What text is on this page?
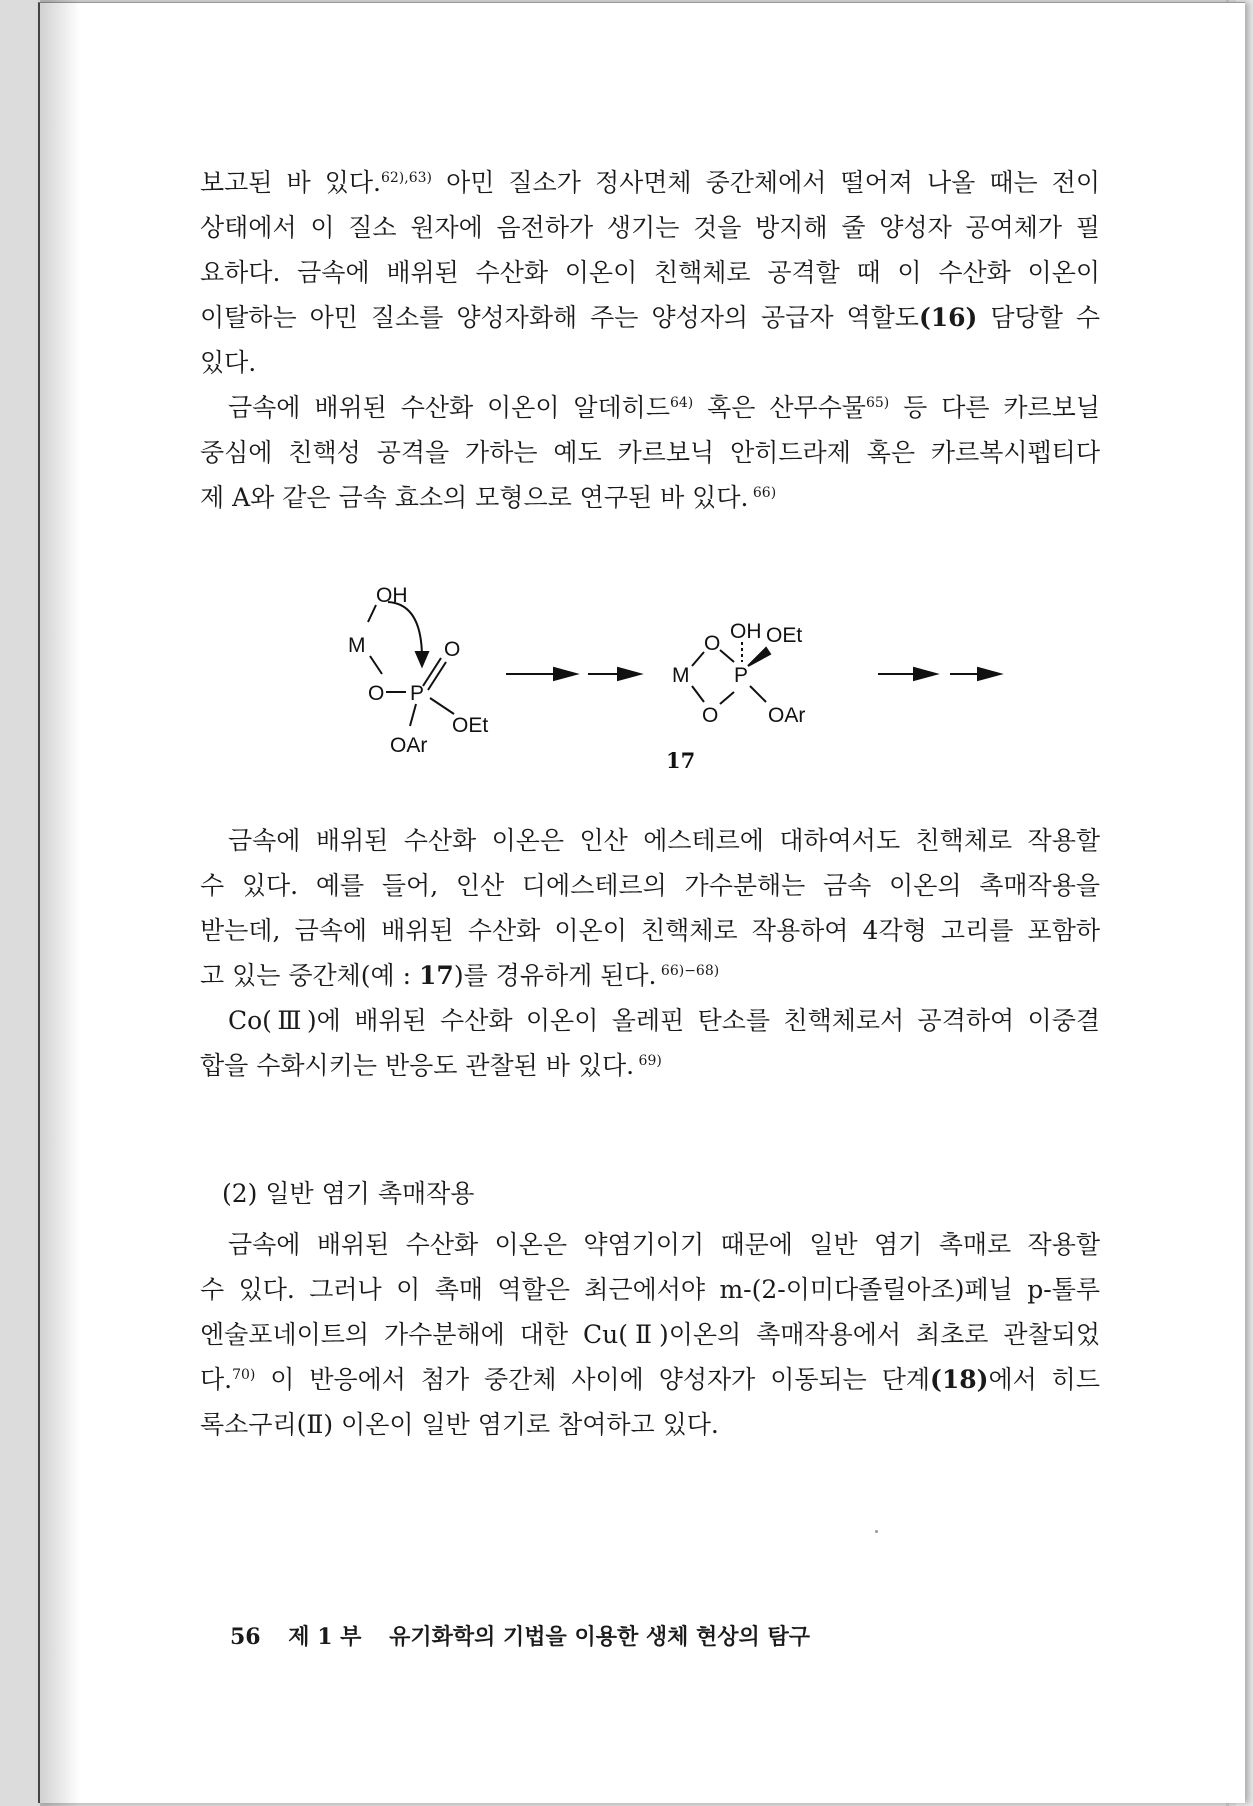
보고된 바 있다.$^{62),63)}$ 아민 질소가 정사면체 중간체에서 떨어져 나올 때는 전이
상태에서 이 질소 원자에 음전하가 생기는 것을 방지해 줄 양성자 공여체가 필
요하다. 금속에 배위된 수산화 이온이 친핵체로 공격할 때 이 수산화 이온이
이탈하는 아민 질소를 양성자화해 주는 양성자의 공급자 역할도(16) 담당할 수
있다.
금속에 배위된 수산화 이온이 알데히드$^{64)}$ 혹은 산무수물$^{65)}$ 등 다른 카르보닐
중심에 친핵성 공격을 가하는 예도 카르보닉 안히드라제 혹은 카르복시펩티다
제 A와 같은 금속 효소의 모형으로 연구된 바 있다. $^{66)}$
OH
M	O
O P
OEt
OAr
OH OEt
O
M P
O OAr
17
금속에 배위된 수산화 이온은 인산 에스테르에 대하여서도 친핵체로 작용할
수 있다. 예를 들어, 인산 디에스테르의 가수분해는 금속 이온의 촉매작용을
받는데, 금속에 배위된 수산화 이온이 친핵체로 작용하여 4각형 고리를 포함하
고 있는 중간체(예 : 17)를 경유하게 된다. $^{66)-68)}$
Co(Ⅲ)에 배위된 수산화 이온이 올레핀 탄소를 친핵체로서 공격하여 이중결
합을 수화시키는 반응도 관찰된 바 있다. $^{69)}$
(2) 일반 염기 촉매작용
금속에 배위된 수산화 이온은 약염기이기 때문에 일반 염기 촉매로 작용할
수 있다. 그러나 이 촉매 역할은 최근에서야 m-(2-이미다졸릴아조)페닐 p-톨루
엔술포네이트의 가수분해에 대한 Cu(Ⅱ)이온의 촉매작용에서 최초로 관찰되었
다.$^{70)}$ 이 반응에서 첨가 중간체 사이에 양성자가 이동되는 단계(18)에서 히드
록소구리(Ⅱ) 이온이 일반 염기로 참여하고 있다.
56 제 1 부 유기화학의 기법을 이용한 생체 현상의 탐구
